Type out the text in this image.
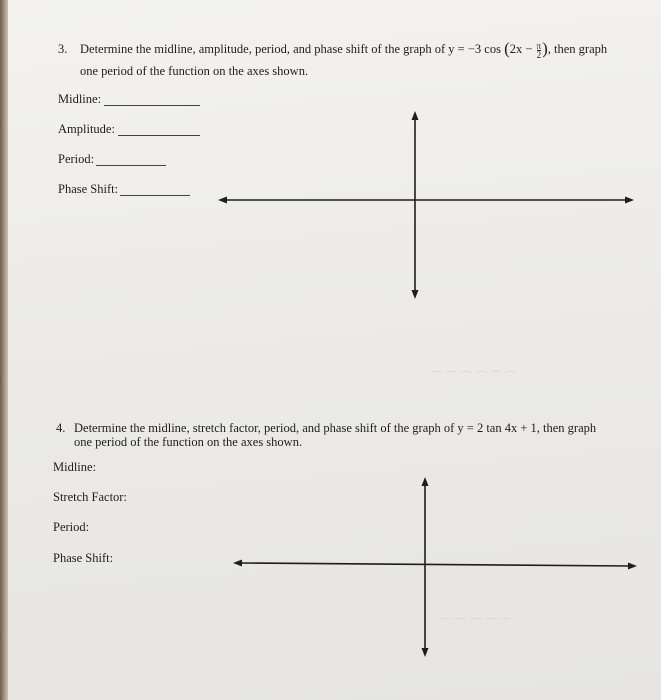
⌒ ⌒ ⌒ ⌒ ⌒ ⌒
⌒ ⌒ ⌒ ⌒ ⌒
3. Determine the midline, amplitude, period, and phase shift of the graph of y = −3 $\cos (2x - \frac{\pi}{2}$ ), then graph
one period of the function on the axes shown.
Midline:
Amplitude:
Period:
Phase Shift:
4. Determine the midline, stretch factor, period, and phase shift of the graph of y = 2 tan 4x + 1, then graph
one period of the function on the axes shown.
Midline:
Stretch Factor:
Period:
Phase Shift:
